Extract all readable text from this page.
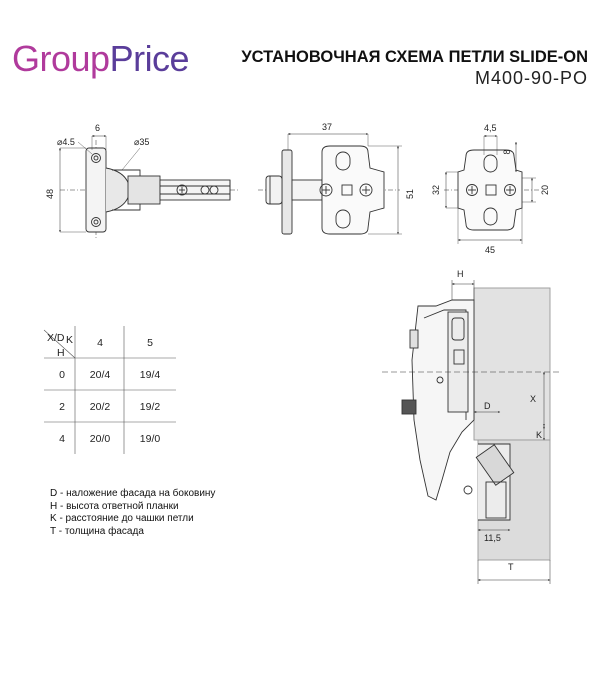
GroupPrice	УСТАНОВОЧНАЯ СХЕМА ПЕТЛИ SLIDE-ON
M400-90-PO
⌀4.5
6
⌀35
48
37
51
4,5
8
32	20
45
X/D K
H
4	5
0 20/4	19/4
2 20/2	19/2
4 20/0	19/0
H
X
D
K
11,5
T
D - наложение фасада на боковину
H - высота ответной планки
K - расстояние до чашки петли
T - толщина фасада
